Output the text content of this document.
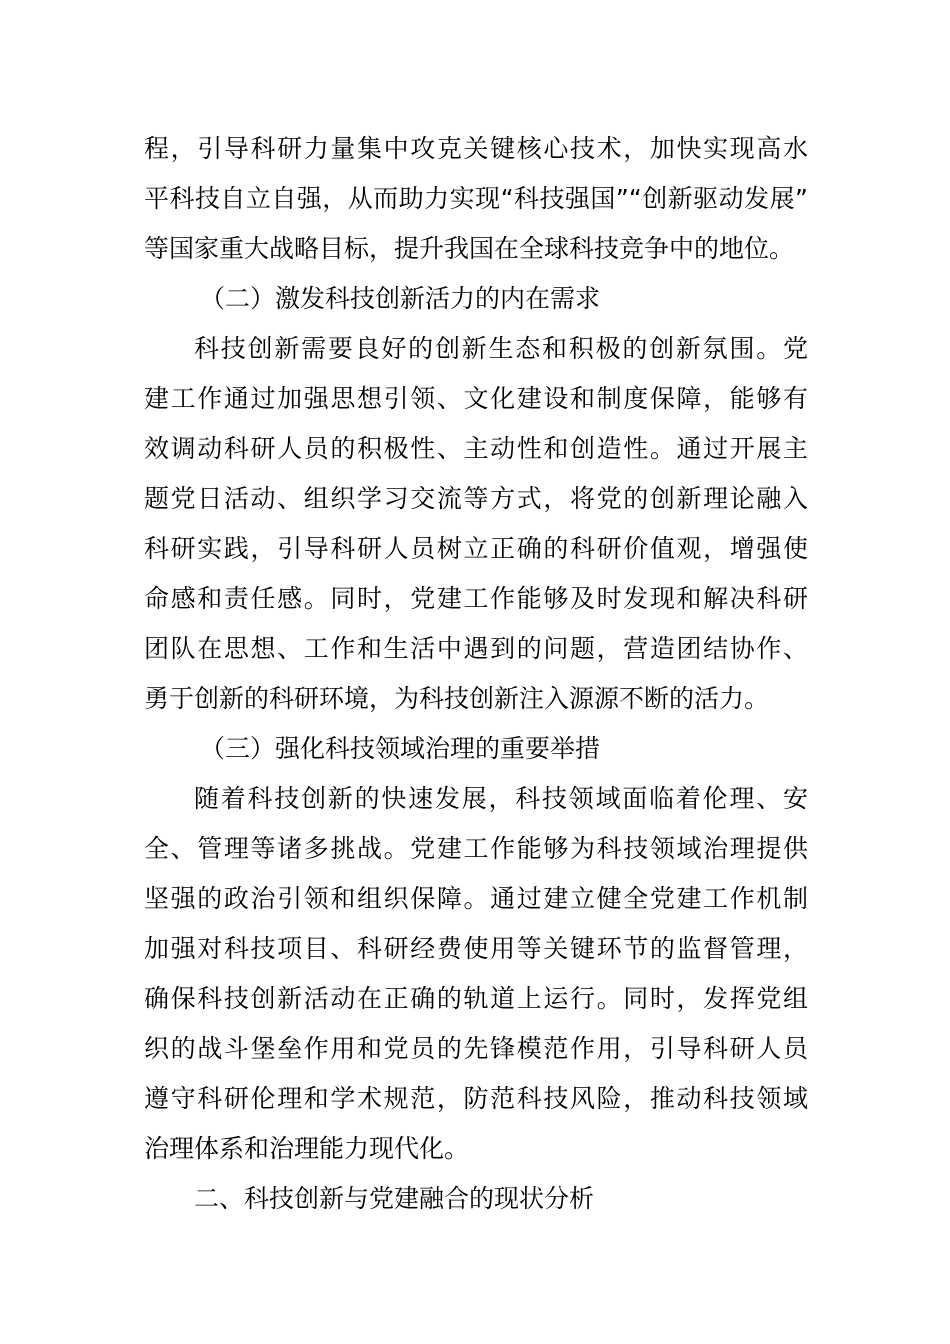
程，引导科研力量集中攻克关键核心技术，加快实现高水
平科技自立自强，从而助力实现“科技强国”“创新驱动发展”
等国家重大战略目标，提升我国在全球科技竞争中的地位。
（二）激发科技创新活力的内在需求
科技创新需要良好的创新生态和积极的创新氛围。党
建工作通过加强思想引领、文化建设和制度保障，能够有
效调动科研人员的积极性、主动性和创造性。通过开展主
题党日活动、组织学习交流等方式，将党的创新理论融入
科研实践，引导科研人员树立正确的科研价值观，增强使
命感和责任感。同时，党建工作能够及时发现和解决科研
团队在思想、工作和生活中遇到的问题，营造团结协作、
勇于创新的科研环境，为科技创新注入源源不断的活力。
（三）强化科技领域治理的重要举措
随着科技创新的快速发展，科技领域面临着伦理、安
全、管理等诸多挑战。党建工作能够为科技领域治理提供
坚强的政治引领和组织保障。通过建立健全党建工作机制
加强对科技项目、科研经费使用等关键环节的监督管理，
确保科技创新活动在正确的轨道上运行。同时，发挥党组
织的战斗堡垒作用和党员的先锋模范作用，引导科研人员
遵守科研伦理和学术规范，防范科技风险，推动科技领域
治理体系和治理能力现代化。
二、科技创新与党建融合的现状分析
